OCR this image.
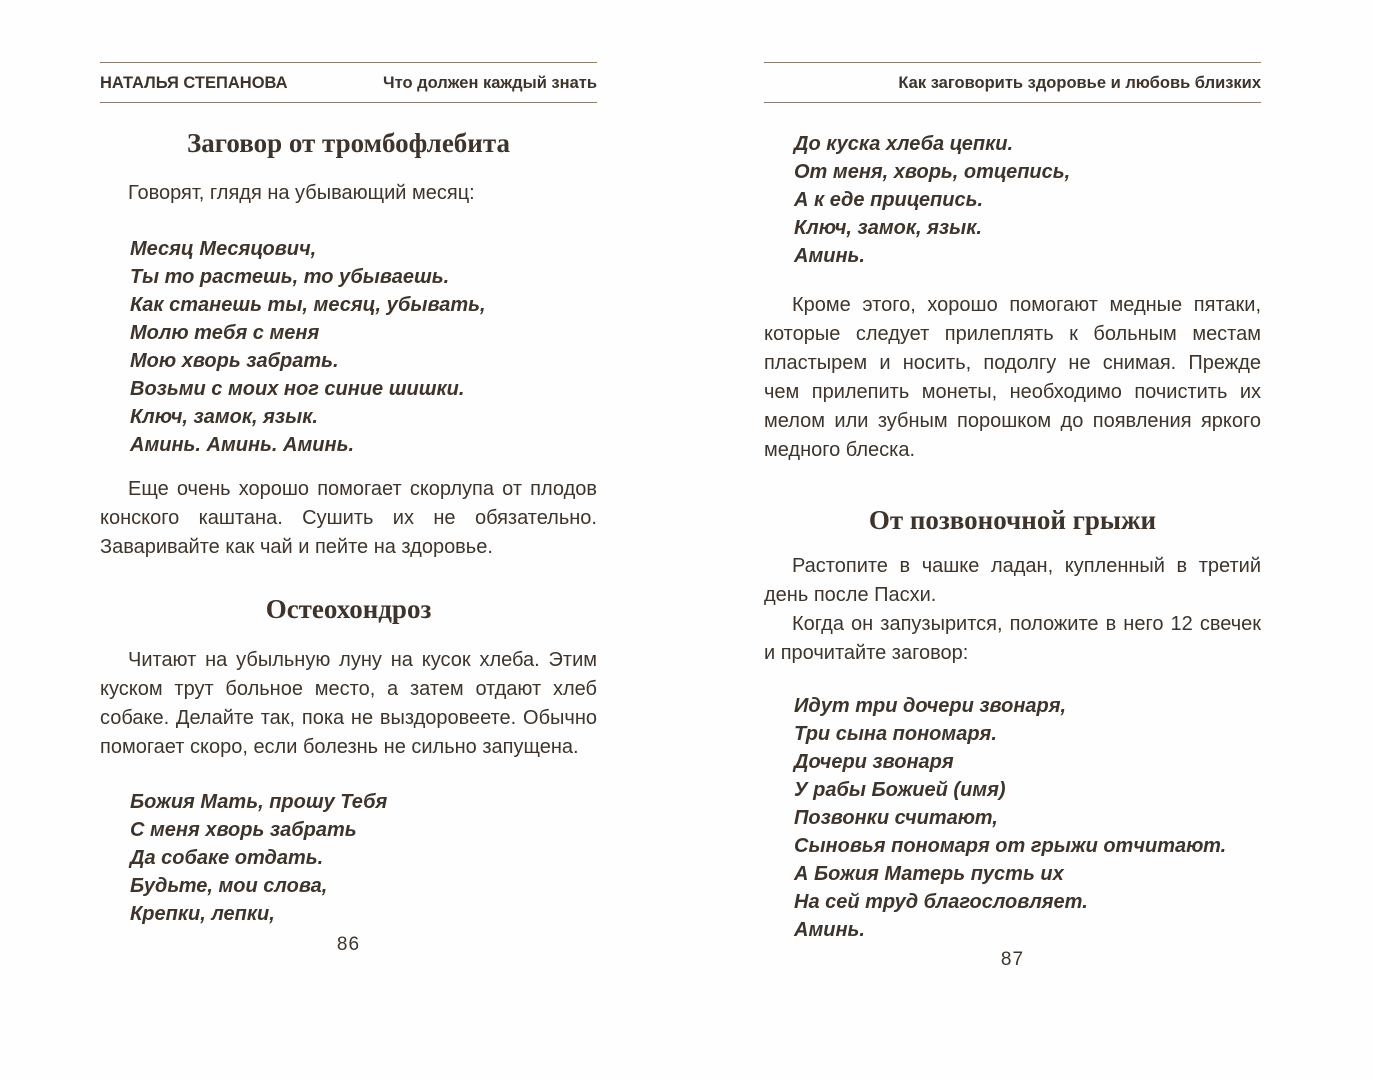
НАТАЛЬЯ СТЕПАНОВА	Что должен каждый знать
Заговор от тромбофлебита
Говорят, глядя на убывающий месяц:
Месяц Месяцович,
Ты то растешь, то убываешь.
Как станешь ты, месяц, убывать,
Молю тебя с меня
Мою хворь забрать.
Возьми с моих ног синие шишки.
Ключ, замок, язык.
Аминь. Аминь. Аминь.
Еще очень хорошо помогает скорлупа от плодов конского каштана. Сушить их не обязательно. Заваривайте как чай и пейте на здоровье.
Остеохондроз
Читают на убыльную луну на кусок хлеба. Этим куском трут больное место, а затем отдают хлеб собаке. Делайте так, пока не выздоровеете. Обычно помогает скоро, если болезнь не сильно запущена.
Божия Мать, прошу Тебя
С меня хворь забрать
Да собаке отдать.
Будьте, мои слова,
Крепки, лепки,
86
Как заговорить здоровье и любовь близких
До куска хлеба цепки.
От меня, хворь, отцепись,
А к еде прицепись.
Ключ, замок, язык.
Аминь.
Кроме этого, хорошо помогают медные пятаки, которые следует прилеплять к больным местам пластырем и носить, подолгу не снимая. Прежде чем прилепить монеты, необходимо почистить их мелом или зубным порошком до появления яркого медного блеска.
От позвоночной грыжи
Растопите в чашке ладан, купленный в третий день после Пасхи.
Когда он запузырится, положите в него 12 свечек и прочитайте заговор:
Идут три дочери звонаря,
Три сына пономаря.
Дочери звонаря
У рабы Божией (имя)
Позвонки считают,
Сыновья пономаря от грыжи отчитают.
А Божия Матерь пусть их
На сей труд благословляет.
Аминь.
87
